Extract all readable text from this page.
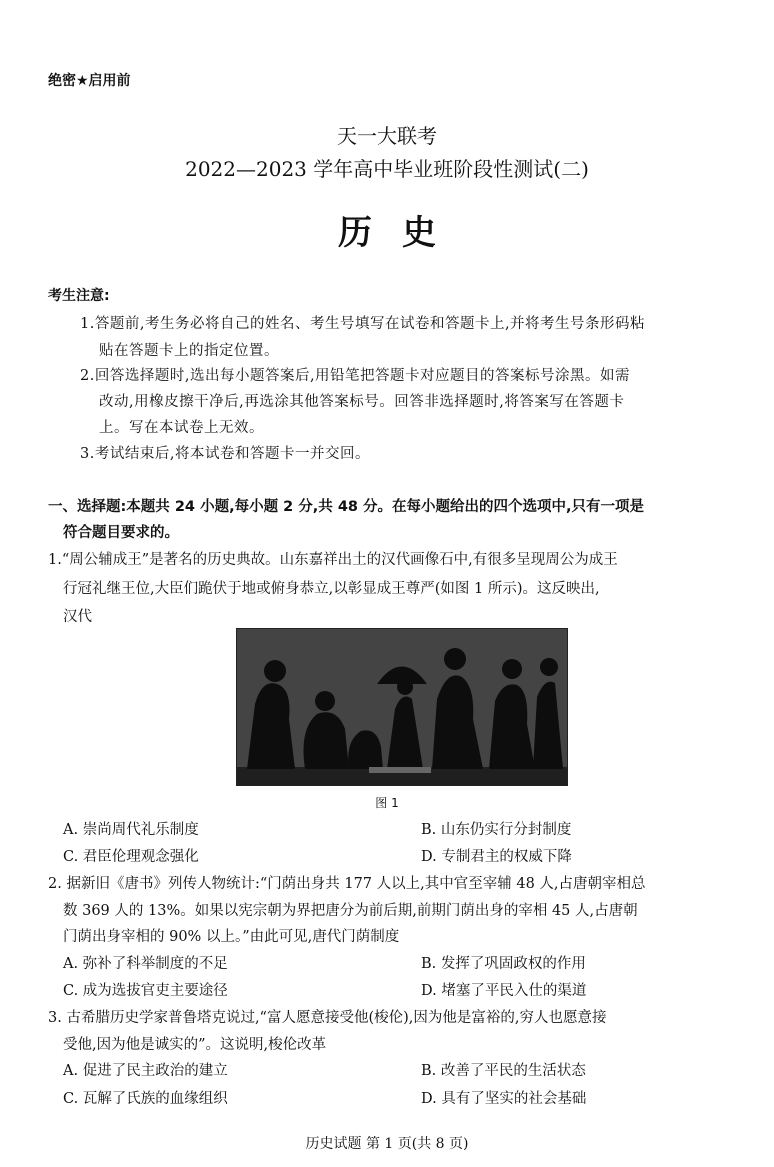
绝密★启用前
天一大联考
2022—2023 学年高中毕业班阶段性测试(二)
历史
考生注意:
1.答题前,考生务必将自己的姓名、考生号填写在试卷和答题卡上,并将考生号条形码粘
贴在答题卡上的指定位置。
2.回答选择题时,选出每小题答案后,用铅笔把答题卡对应题目的答案标号涂黑。如需
改动,用橡皮擦干净后,再选涂其他答案标号。回答非选择题时,将答案写在答题卡
上。写在本试卷上无效。
3.考试结束后,将本试卷和答题卡一并交回。
一、选择题:本题共 24 小题,每小题 2 分,共 48 分。在每小题给出的四个选项中,只有一项是
符合题目要求的。
1.“周公辅成王”是著名的历史典故。山东嘉祥出土的汉代画像石中,有很多呈现周公为成王
行冠礼继王位,大臣们跪伏于地或俯身恭立,以彰显成王尊严(如图 1 所示)。这反映出,
汉代
图 1
A. 崇尚周代礼乐制度	B. 山东仍实行分封制度
C. 君臣伦理观念强化	D. 专制君主的权威下降
2. 据新旧《唐书》列传人物统计:“门荫出身共 177 人以上,其中官至宰辅 48 人,占唐朝宰相总
数 369 人的 13%。如果以宪宗朝为界把唐分为前后期,前期门荫出身的宰相 45 人,占唐朝
门荫出身宰相的 90% 以上。”由此可见,唐代门荫制度
A. 弥补了科举制度的不足	B. 发挥了巩固政权的作用
C. 成为选拔官吏主要途径	D. 堵塞了平民入仕的渠道
3. 古希腊历史学家普鲁塔克说过,“富人愿意接受他(梭伦),因为他是富裕的,穷人也愿意接
受他,因为他是诚实的”。这说明,梭伦改革
A. 促进了民主政治的建立	B. 改善了平民的生活状态
C. 瓦解了氏族的血缘组织	D. 具有了坚实的社会基础
历史试题 第 1 页(共 8 页)
